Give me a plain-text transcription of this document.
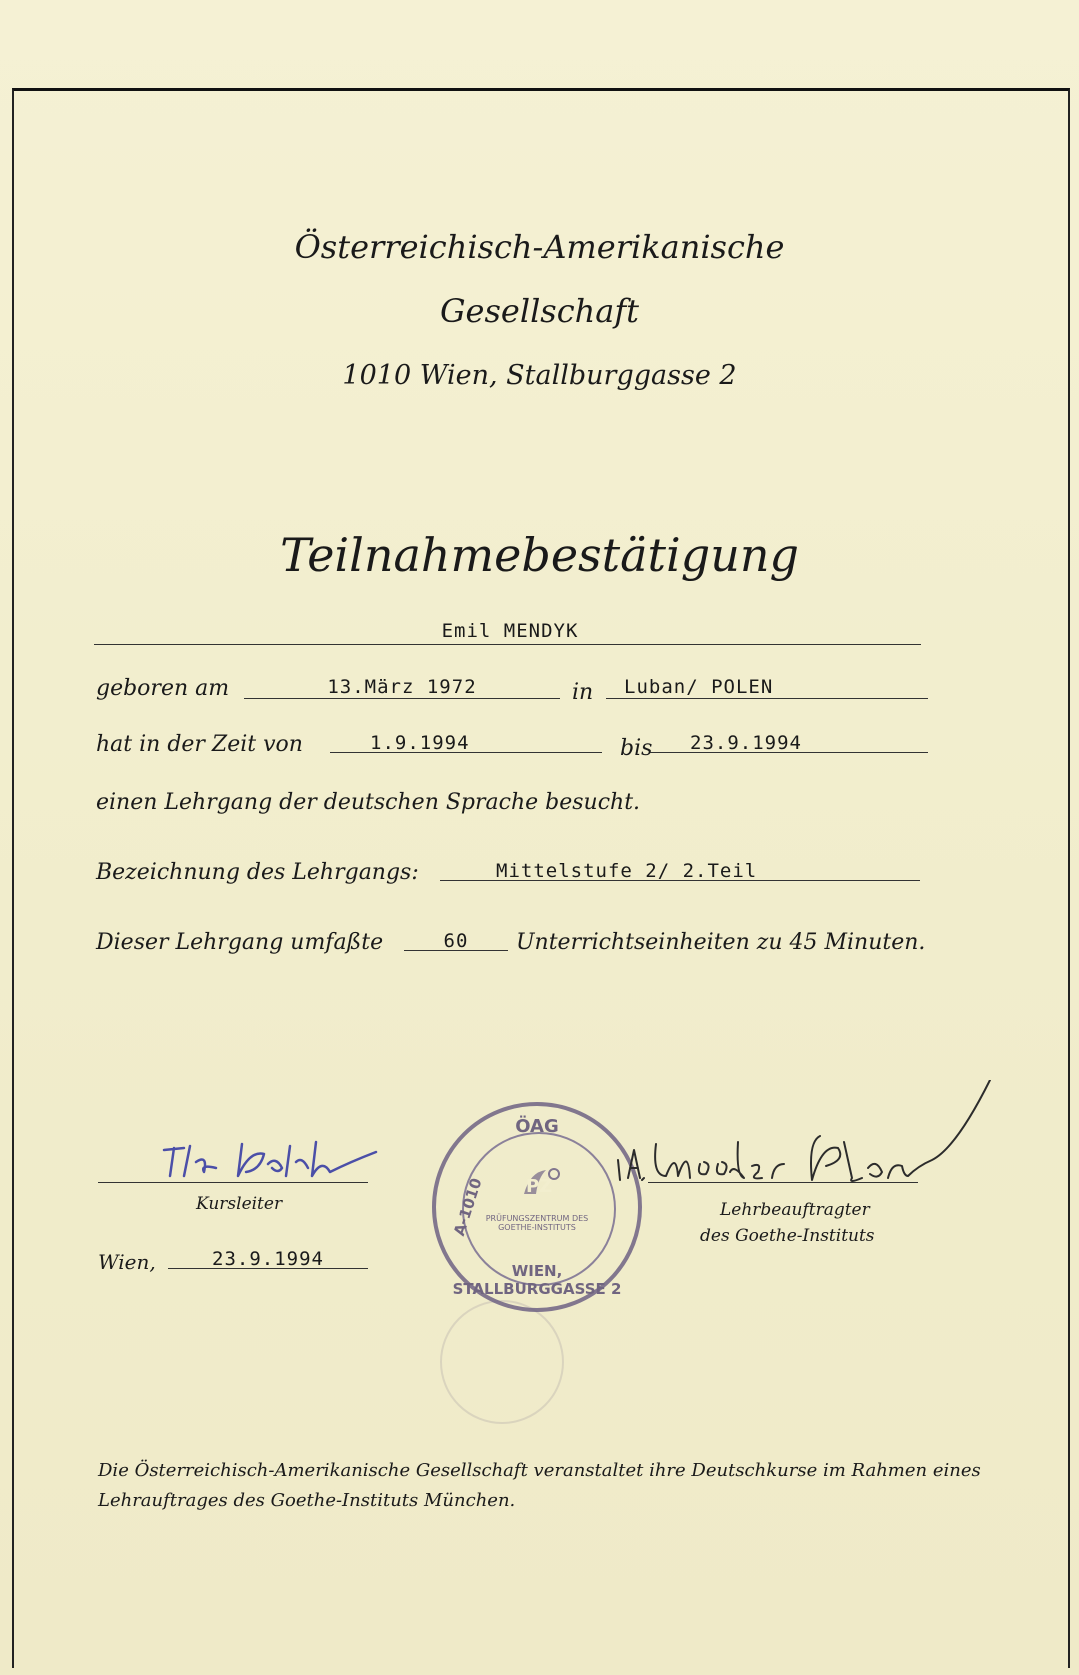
Österreichisch-Amerikanische
Gesellschaft
1010 Wien, Stallburggasse 2
Teilnahmebestätigung
Emil MENDYK
geboren am	13.März 1972	in	Luban/ POLEN
hat in der Zeit von	1.9.1994	bis	23.9.1994
einen Lehrgang der deutschen Sprache besucht.
Bezeichnung des Lehrgangs:	Mittelstufe 2/ 2.Teil
Dieser Lehrgang umfaßte	60	Unterrichtseinheiten zu 45 Minuten.
ÖAG
A-1010 PZ
PRÜFUNGSZENTRUM DES
GOETHE-INSTITUTS
WIEN, STALLBURGGASSE 2
Kursleiter	Lehrbeauftragter
des Goethe-Instituts
Wien,	23.9.1994
Die Österreichisch-Amerikanische Gesellschaft veranstaltet ihre Deutschkurse im Rahmen eines
Lehrauftrages des Goethe-Instituts München.
